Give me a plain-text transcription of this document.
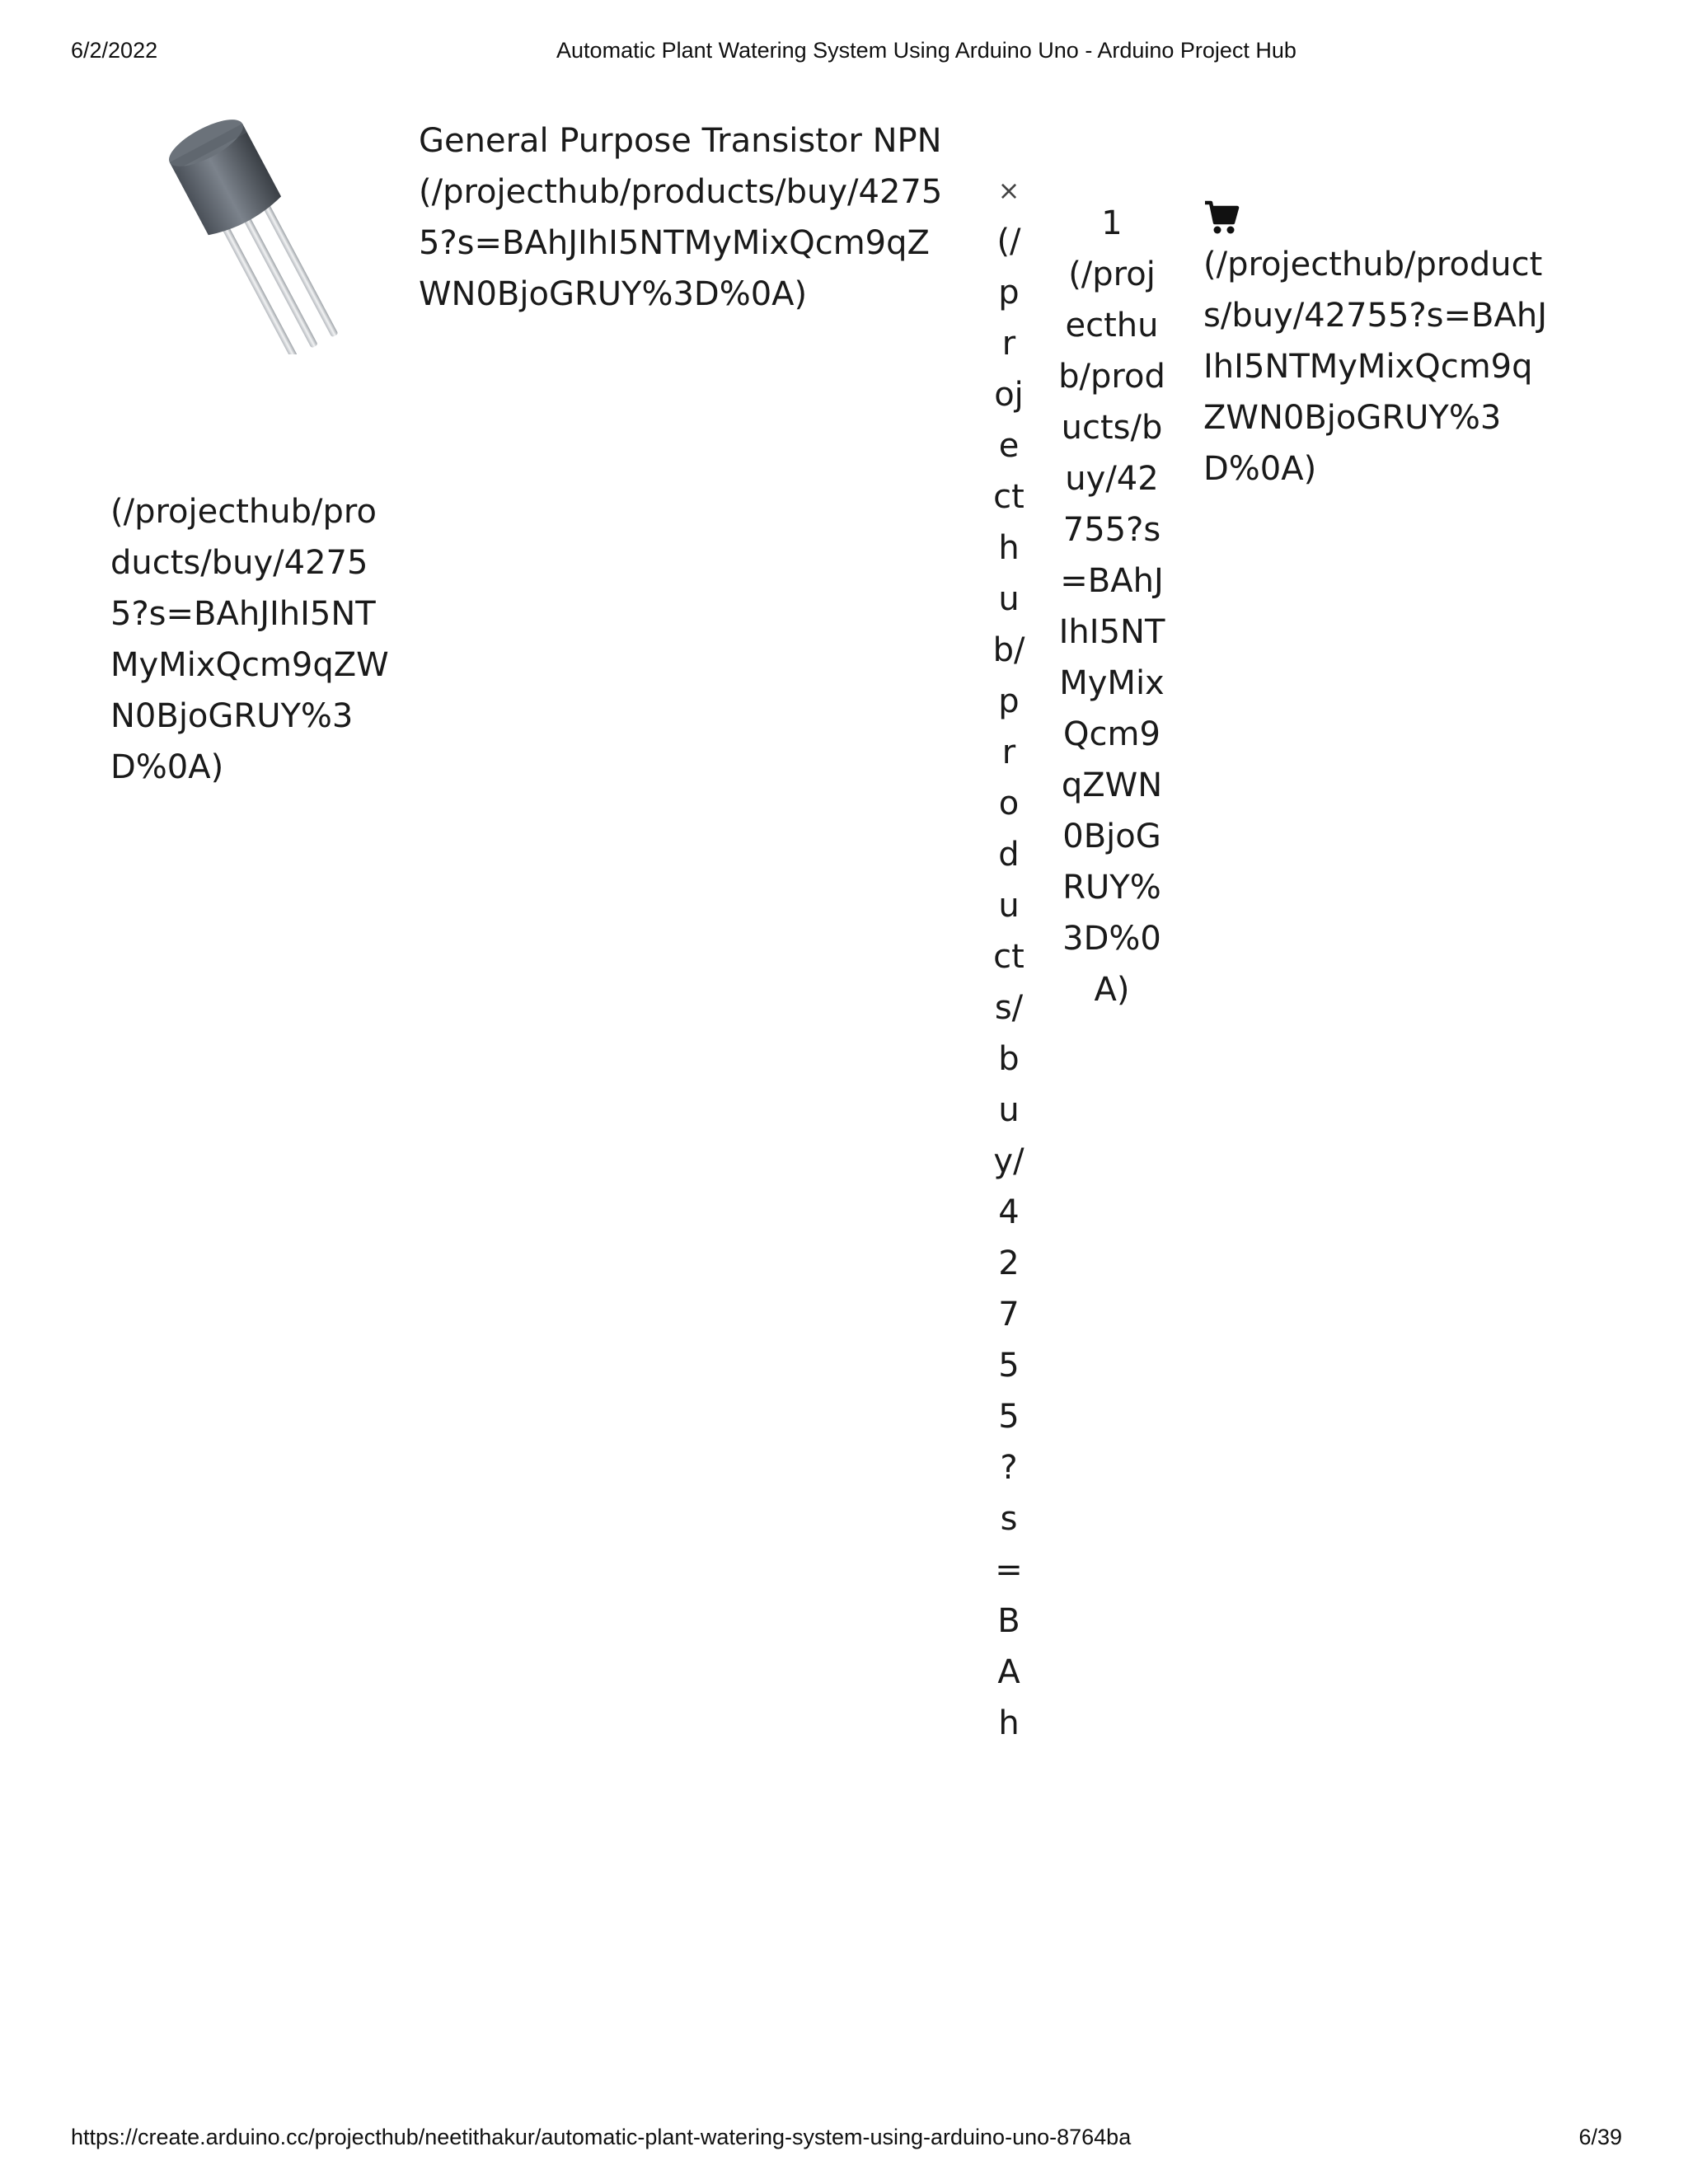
6/2/2022	Automatic Plant Watering System Using Arduino Uno - Arduino Project Hub
(/projecthub/products/buy/42755?s=BAhJIhI5NTMyMixQcm9qZWN0BjoGRUY%3D%0A)
General Purpose Transistor NPN
(/projecthub/products/buy/42755?s=BAhJIhI5NTMyMixQcm9qZWN0BjoGRUY%3D%0A)
×
(/projecthub/products/buy/42755?s=BAh
1
(/projecthub/products/buy/42755?s=BAhJIhI5NTMyMixQcm9qZWN0BjoGRUY%3D%0A)
(/projecthub/products/buy/42755?s=BAhJIhI5NTMyMixQcm9qZWN0BjoGRUY%3D%0A)
https://create.arduino.cc/projecthub/neetithakur/automatic-plant-watering-system-using-arduino-uno-8764ba	6/39
